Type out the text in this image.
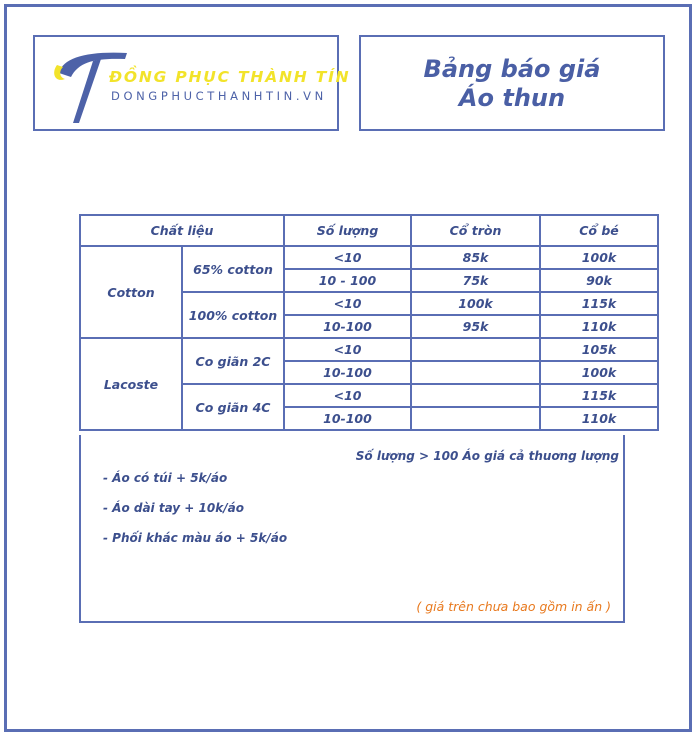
ĐỒNG PHỤC THÀNH TÍN
DONGPHUCTHANHTIN.VN
Bảng báo giá
Áo thun
Chất liệu		Số lượng	Cổ tròn	Cổ bé
Cotton	65% cotton	<10	85k	100k
		10 - 100	75k	90k
	100% cotton	<10	100k	115k
		10-100	95k	110k
Lacoste	Co giãn 2C	<10		105k
		10-100		100k
	Co giãn 4C	<10		115k
		10-100		110k
Số lượng > 100 Áo giá cả thuơng lượng
- Áo có túi + 5k/áo
- Áo dài tay + 10k/áo
- Phối khác màu áo + 5k/áo
( giá trên chưa bao gồm in ấn )
